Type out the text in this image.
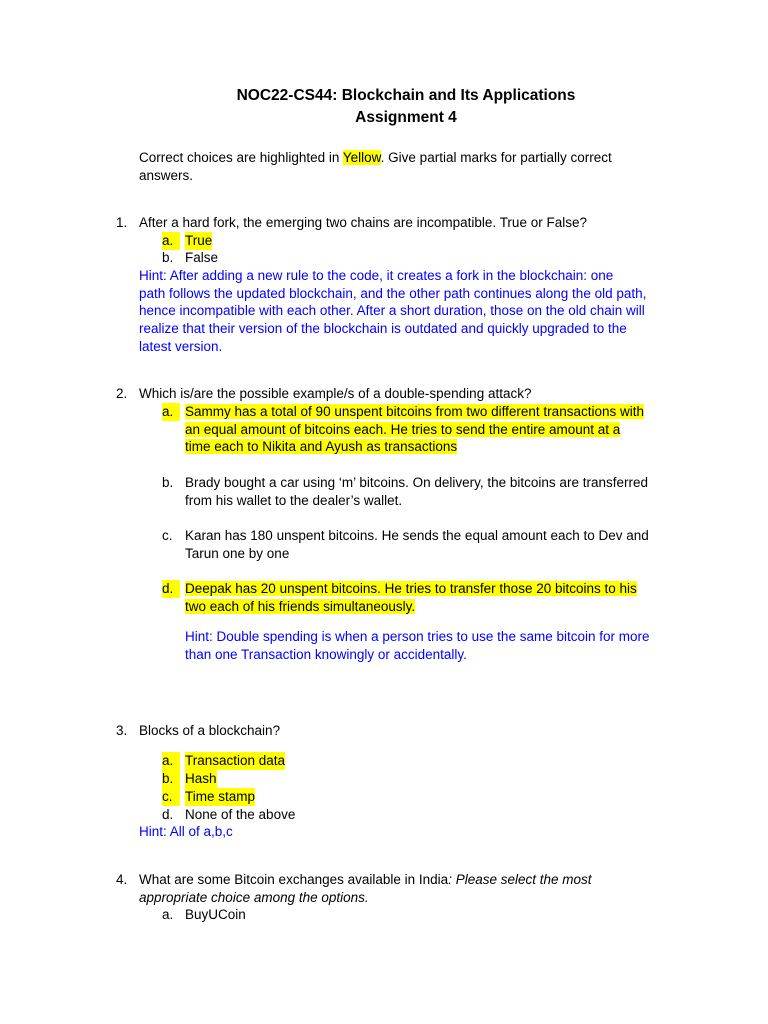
NOC22-CS44: Blockchain and Its Applications
Assignment 4
Correct choices are highlighted in Yellow. Give partial marks for partially correct
answers.
1. After a hard fork, the emerging two chains are incompatible. True or False?
a. True
b. False
Hint: After adding a new rule to the code, it creates a fork in the blockchain: one
path follows the updated blockchain, and the other path continues along the old path,
hence incompatible with each other. After a short duration, those on the old chain will
realize that their version of the blockchain is outdated and quickly upgraded to the
latest version.
2. Which is/are the possible example/s of a double-spending attack?
a. Sammy has a total of 90 unspent bitcoins from two different transactions with
an equal amount of bitcoins each. He tries to send the entire amount at a
time each to Nikita and Ayush as transactions
b. Brady bought a car using ‘m’ bitcoins. On delivery, the bitcoins are transferred
from his wallet to the dealer’s wallet.
c. Karan has 180 unspent bitcoins. He sends the equal amount each to Dev and
Tarun one by one
d. Deepak has 20 unspent bitcoins. He tries to transfer those 20 bitcoins to his
two each of his friends simultaneously.
Hint: Double spending is when a person tries to use the same bitcoin for more
than one Transaction knowingly or accidentally.
3. Blocks of a blockchain?
a. Transaction data
b. Hash
c. Time stamp
d. None of the above
Hint: All of a,b,c
4. What are some Bitcoin exchanges available in India: Please select the most
appropriate choice among the options.
a. BuyUCoin
